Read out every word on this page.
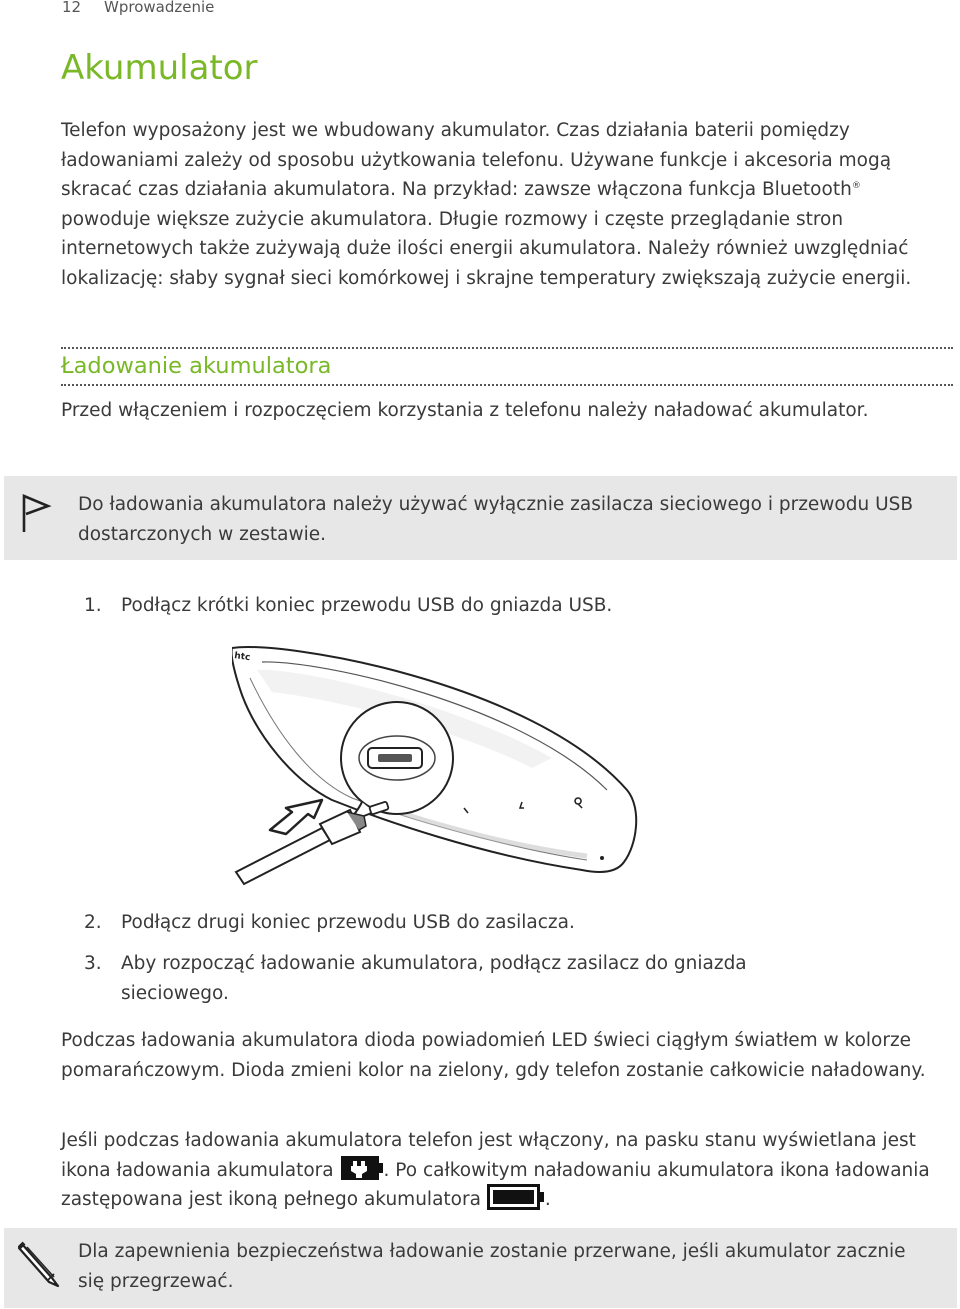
12 Wprowadzenie
Akumulator

Telefon wyposażony jest we wbudowany akumulator. Czas działania baterii pomiędzy ładowaniami zależy od sposobu użytkowania telefonu. Używane funkcje i akcesoria mogą skracać czas działania akumulatora. Na przykład: zawsze włączona funkcja Bluetooth® powoduje większe zużycie akumulatora. Długie rozmowy i częste przeglądanie stron internetowych także zużywają duże ilości energii akumulatora. Należy również uwzględniać lokalizację: słaby sygnał sieci komórkowej i skrajne temperatury zwiększają zużycie energii.

Ładowanie akumulatora

Przed włączeniem i rozpoczęciem korzystania z telefonu należy naładować akumulator.

Do ładowania akumulatora należy używać wyłącznie zasilacza sieciowego i przewodu USB dostarczonych w zestawie.

1.	Podłącz krótki koniec przewodu USB do gniazda USB.
htc
2.	Podłącz drugi koniec przewodu USB do zasilacza.
3.	Aby rozpocząć ładowanie akumulatora, podłącz zasilacz do gniazda sieciowego.

Podczas ładowania akumulatora dioda powiadomień LED świeci ciągłym światłem w kolorze pomarańczowym. Dioda zmieni kolor na zielony, gdy telefon zostanie całkowicie naładowany.

Jeśli podczas ładowania akumulatora telefon jest włączony, na pasku stanu wyświetlana jest ikona ładowania akumulatora . Po całkowitym naładowaniu akumulatora ikona ładowania zastępowana jest ikoną pełnego akumulatora	.

Dla zapewnienia bezpieczeństwa ładowanie zostanie przerwane, jeśli akumulator zacznie się przegrzewać.
